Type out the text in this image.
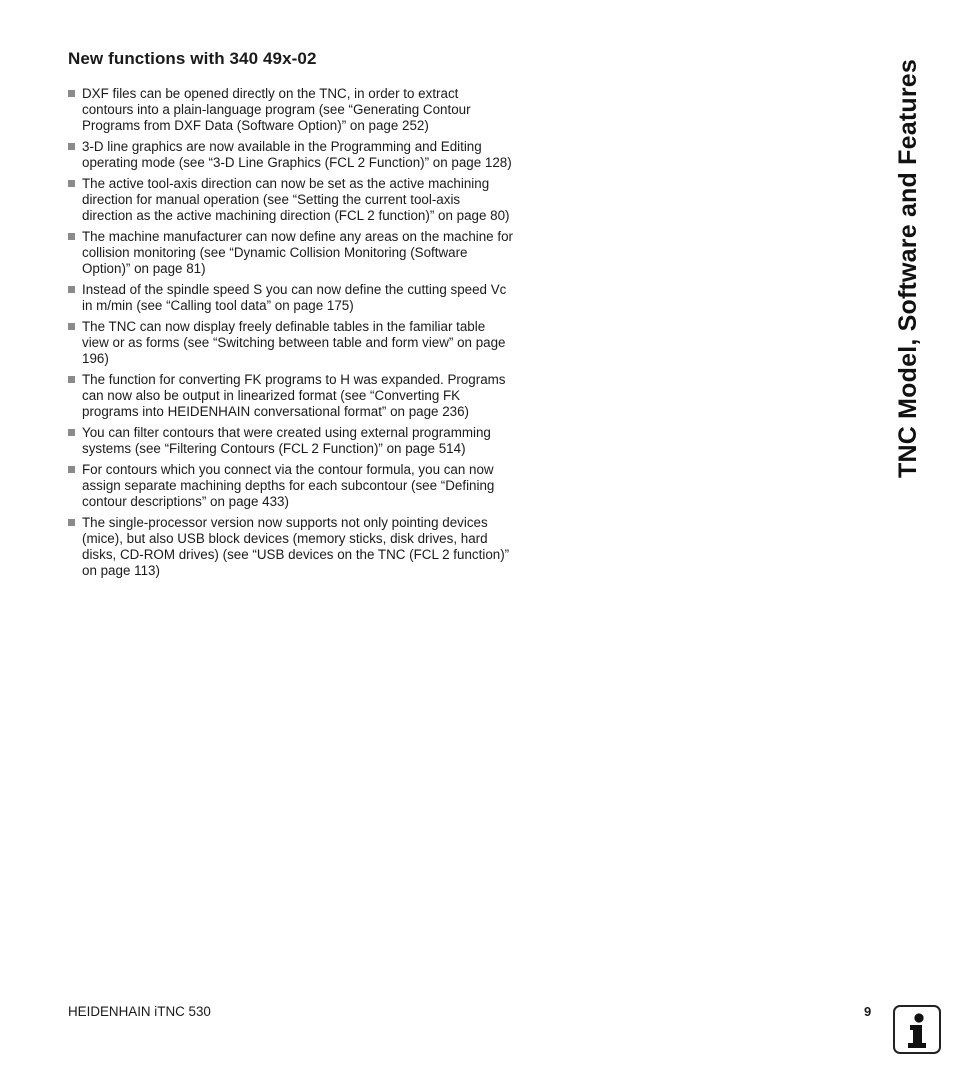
New functions with 340 49x-02
DXF files can be opened directly on the TNC, in order to extract contours into a plain-language program (see “Generating Contour Programs from DXF Data (Software Option)” on page 252)
3-D line graphics are now available in the Programming and Editing operating mode (see “3-D Line Graphics (FCL 2 Function)” on page 128)
The active tool-axis direction can now be set as the active machining direction for manual operation (see “Setting the current tool-axis direction as the active machining direction (FCL 2 function)” on page 80)
The machine manufacturer can now define any areas on the machine for collision monitoring (see “Dynamic Collision Monitoring (Software Option)” on page 81)
Instead of the spindle speed S you can now define the cutting speed Vc in m/min (see “Calling tool data” on page 175)
The TNC can now display freely definable tables in the familiar table view or as forms (see “Switching between table and form view” on page 196)
The function for converting FK programs to H was expanded. Programs can now also be output in linearized format (see “Converting FK programs into HEIDENHAIN conversational format” on page 236)
You can filter contours that were created using external programming systems (see “Filtering Contours (FCL 2 Function)” on page 514)
For contours which you connect via the contour formula, you can now assign separate machining depths for each subcontour (see “Defining contour descriptions” on page 433)
The single-processor version now supports not only pointing devices (mice), but also USB block devices (memory sticks, disk drives, hard disks, CD-ROM drives) (see “USB devices on the TNC (FCL 2 function)” on page 113)
TNC Model, Software and Features
HEIDENHAIN iTNC 530	9
